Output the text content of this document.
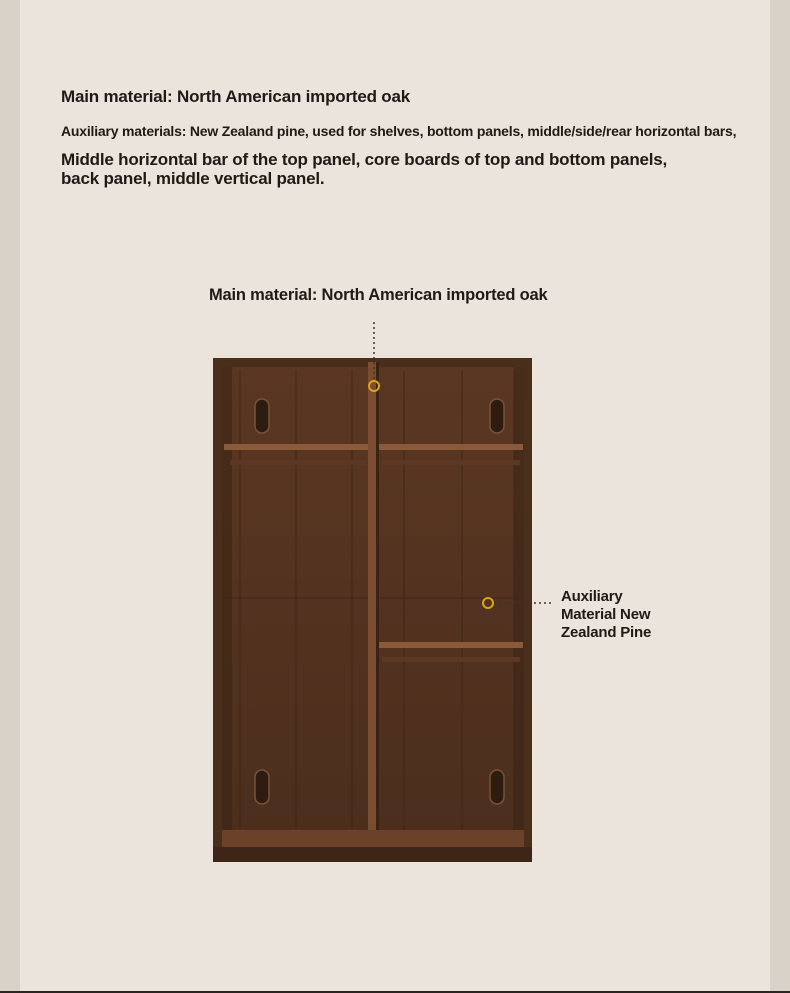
Main material: North American imported oak
Auxiliary materials: New Zealand pine, used for shelves, bottom panels, middle/side/rear horizontal bars,
Middle horizontal bar of the top panel, core boards of top and bottom panels,
back panel, middle vertical panel.
Main material: North American imported oak
Auxiliary
Material New
Zealand Pine
